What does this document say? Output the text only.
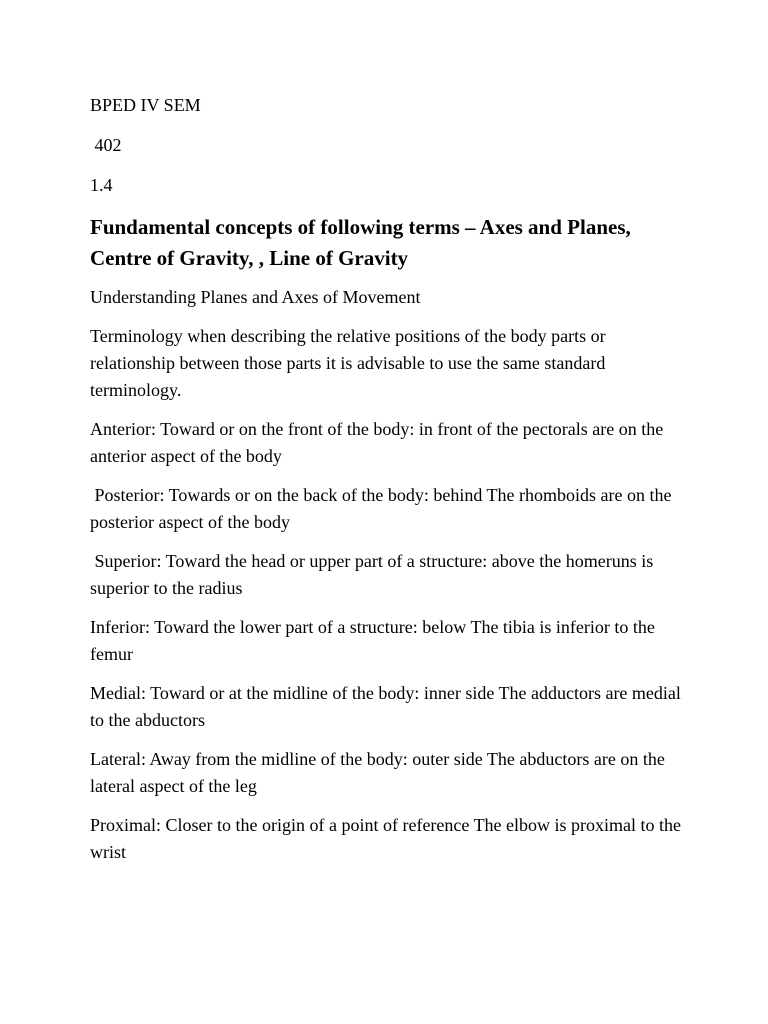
BPED IV SEM
402
1.4
Fundamental concepts of following terms – Axes and Planes, Centre of Gravity, , Line of Gravity

Understanding Planes and Axes of Movement

Terminology when describing the relative positions of the body parts or relationship between those parts it is advisable to use the same standard terminology.

Anterior: Toward or on the front of the body: in front of the pectorals are on the anterior aspect of the body

Posterior: Towards or on the back of the body: behind The rhomboids are on the posterior aspect of the body

Superior: Toward the head or upper part of a structure: above the homeruns is superior to the radius

Inferior: Toward the lower part of a structure: below The tibia is inferior to the femur

Medial: Toward or at the midline of the body: inner side The adductors are medial to the abductors

Lateral: Away from the midline of the body: outer side The abductors are on the lateral aspect of the leg

Proximal: Closer to the origin of a point of reference The elbow is proximal to the wrist
